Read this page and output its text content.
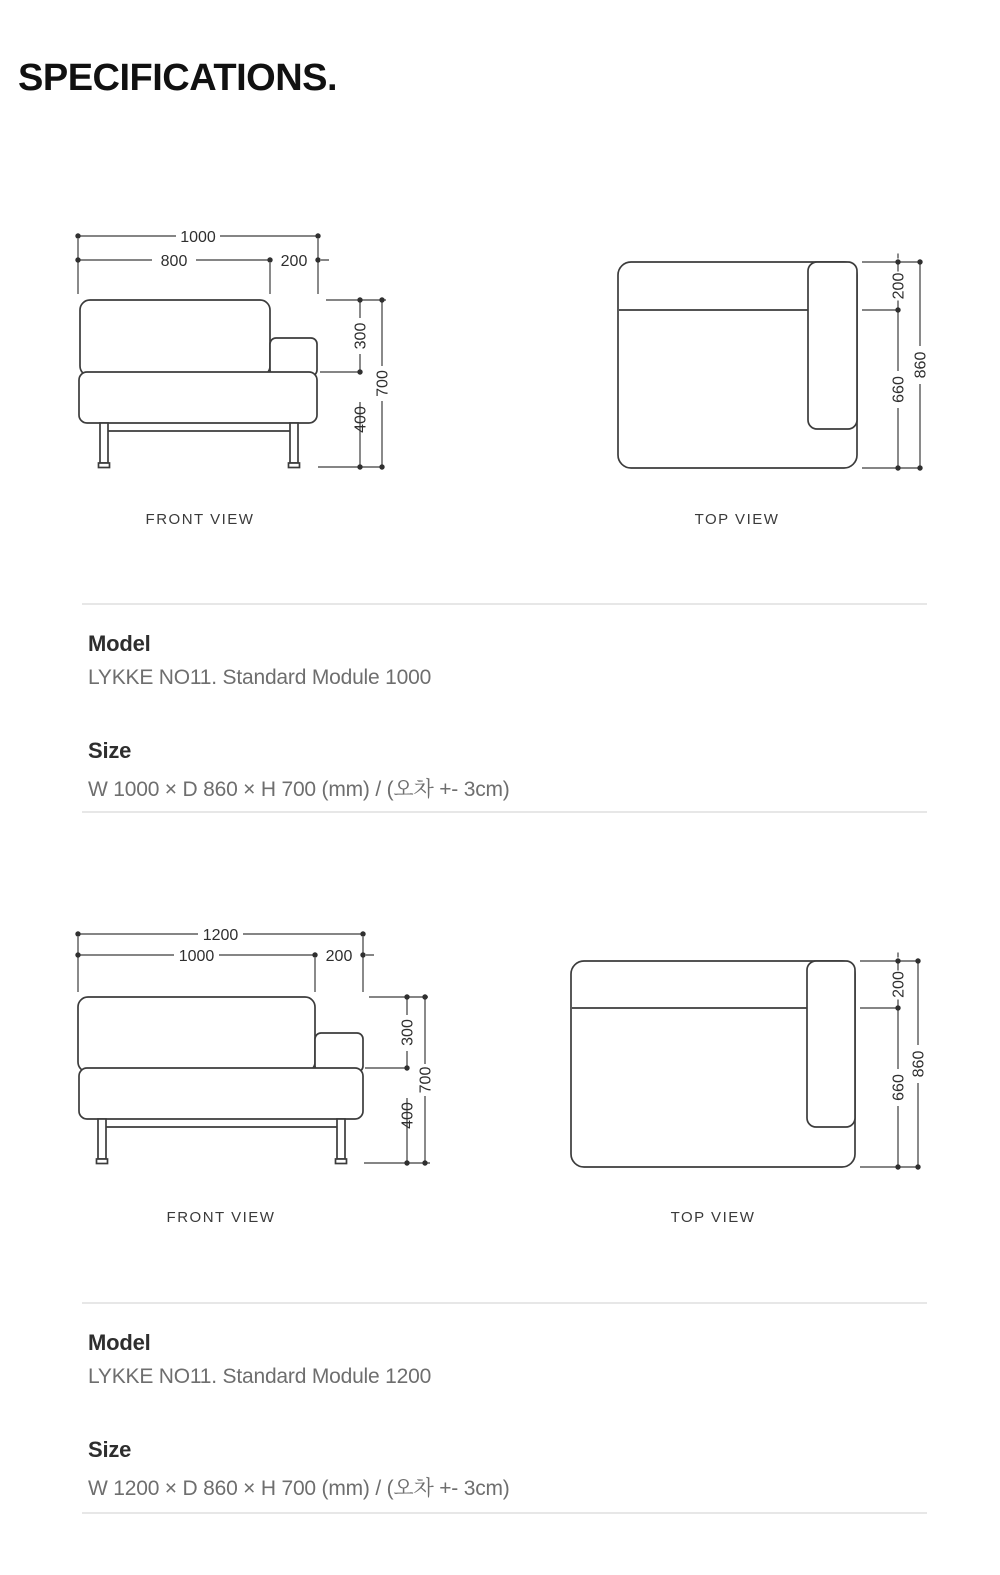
SPECIFICATIONS.
1000
800	200
300
400
700
200
660
860
FRONT VIEW	TOP VIEW
Model
LYKKE NO11. Standard Module 1000
Size
W 1000 × D 860 × H 700 (mm) / (오차 +- 3cm)
1200
1000	200
300
400
700
200
660
860
FRONT VIEW	TOP VIEW
Model
LYKKE NO11. Standard Module 1200
Size
W 1200 × D 860 × H 700 (mm) / (오차 +- 3cm)
